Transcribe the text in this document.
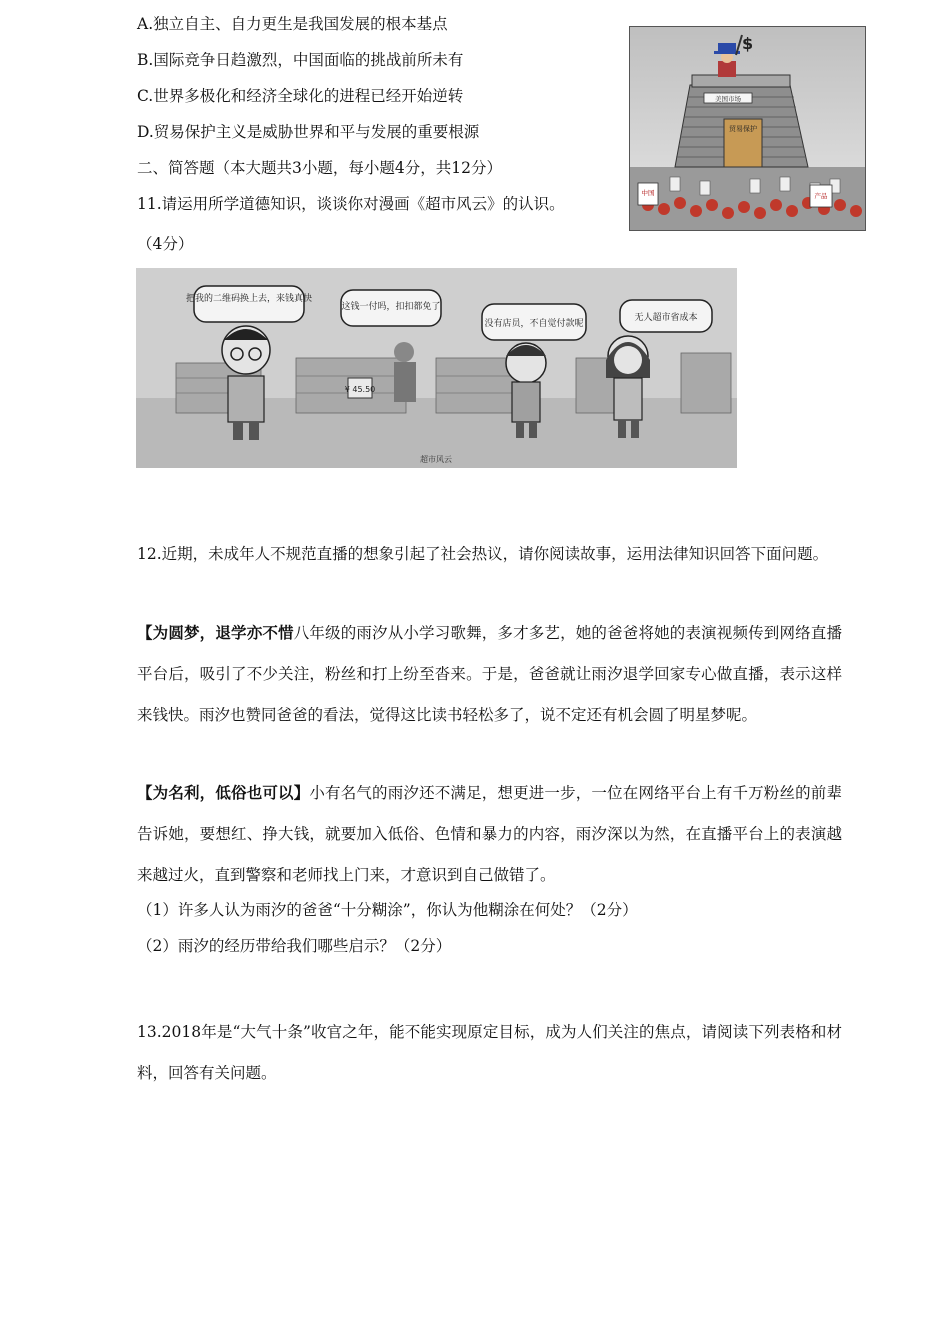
A.独立自主、自力更生是我国发展的根本基点
B.国际竞争日趋激烈，中国面临的挑战前所未有
C.世界多极化和经济全球化的进程已经开始逆转
D.贸易保护主义是威胁世界和平与发展的重要根源
二、简答题（本大题共3小题，每小题4分，共12分）
11.请运用所学道德知识，谈谈你对漫画《超市风云》的认识。
（4分）
美国市场
贸易保护
$
中国	产品
把我的二维码换上去，来钱真快
这钱一付吗，扣扣都免了
没有店员，不自觉付款呢
无人超市省成本
¥ 45.50
超市风云
12.近期，未成年人不规范直播的想象引起了社会热议，请你阅读故事，运用法律知识回答下面问题。
【为圆梦，退学亦不惜八年级的雨汐从小学习歌舞，多才多艺，她的爸爸将她的表演视频传到网络直播平台后，吸引了不少关注，粉丝和打上纷至沓来。于是，爸爸就让雨汐退学回家专心做直播，表示这样来钱快。雨汐也赞同爸爸的看法，觉得这比读书轻松多了，说不定还有机会圆了明星梦呢。
【为名利，低俗也可以】小有名气的雨汐还不满足，想更进一步，一位在网络平台上有千万粉丝的前辈告诉她，要想红、挣大钱，就要加入低俗、色情和暴力的内容，雨汐深以为然，在直播平台上的表演越来越过火，直到警察和老师找上门来，才意识到自己做错了。
（1）许多人认为雨汐的爸爸“十分糊涂”，你认为他糊涂在何处？（2分）
（2）雨汐的经历带给我们哪些启示？（2分）
13.2018年是“大气十条”收官之年，能不能实现原定目标，成为人们关注的焦点，请阅读下列表格和材料，回答有关问题。
